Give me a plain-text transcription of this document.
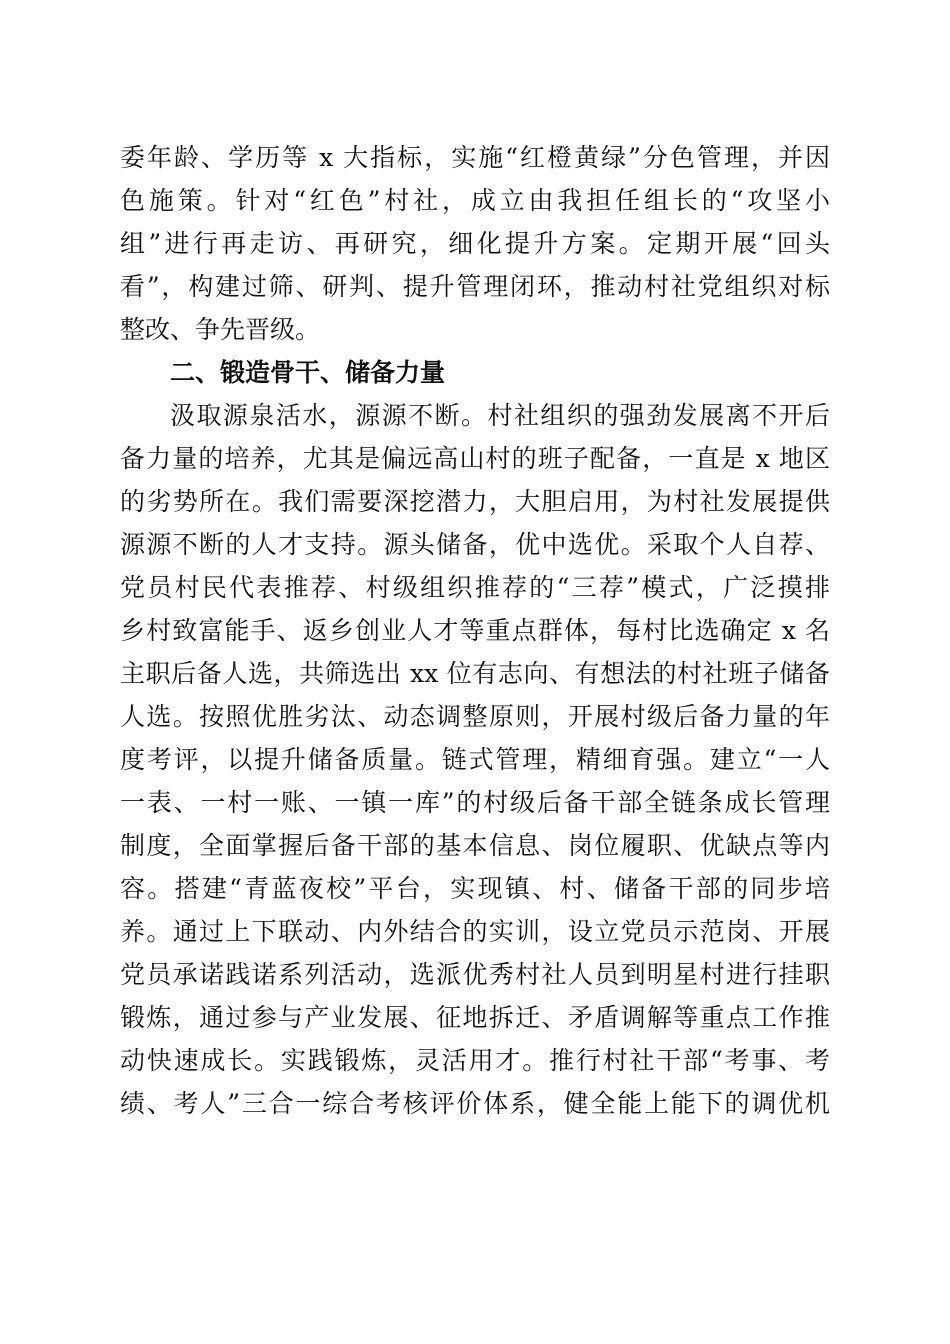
委年龄、学历等 x 大指标，实施“红橙黄绿”分色管理，并因
色施策。针对“红色”村社，成立由我担任组长的“攻坚小
组”进行再走访、再研究，细化提升方案。定期开展“回头
看”，构建过筛、研判、提升管理闭环，推动村社党组织对标
整改、争先晋级。
二、锻造骨干、储备力量
汲取源泉活水，源源不断。村社组织的强劲发展离不开后
备力量的培养，尤其是偏远高山村的班子配备，一直是 x 地区
的劣势所在。我们需要深挖潜力，大胆启用，为村社发展提供
源源不断的人才支持。源头储备，优中选优。采取个人自荐、
党员村民代表推荐、村级组织推荐的“三荐”模式，广泛摸排
乡村致富能手、返乡创业人才等重点群体，每村比选确定 x 名
主职后备人选，共筛选出 xx 位有志向、有想法的村社班子储备
人选。按照优胜劣汰、动态调整原则，开展村级后备力量的年
度考评，以提升储备质量。链式管理，精细育强。建立“一人
一表、一村一账、一镇一库”的村级后备干部全链条成长管理
制度，全面掌握后备干部的基本信息、岗位履职、优缺点等内
容。搭建“青蓝夜校”平台，实现镇、村、储备干部的同步培
养。通过上下联动、内外结合的实训，设立党员示范岗、开展
党员承诺践诺系列活动，选派优秀村社人员到明星村进行挂职
锻炼，通过参与产业发展、征地拆迁、矛盾调解等重点工作推
动快速成长。实践锻炼，灵活用才。推行村社干部“考事、考
绩、考人”三合一综合考核评价体系，健全能上能下的调优机
